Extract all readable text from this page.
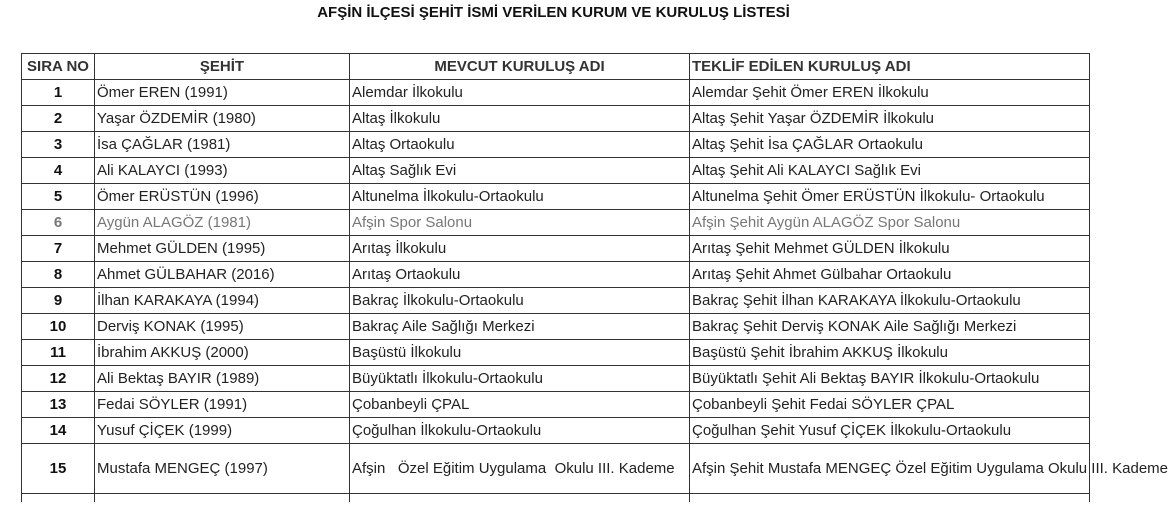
AFŞİN İLÇESİ ŞEHİT İSMİ VERİLEN KURUM VE KURULUŞ LİSTESİ
SIRA NO	ŞEHİT	MEVCUT KURULUŞ ADI	TEKLİF EDİLEN KURULUŞ ADI
1	Ömer EREN (1991)	Alemdar İlkokulu	Alemdar Şehit Ömer EREN İlkokulu
2	Yaşar ÖZDEMİR (1980)	Altaş İlkokulu	Altaş Şehit Yaşar ÖZDEMİR İlkokulu
3	İsa ÇAĞLAR (1981)	Altaş Ortaokulu	Altaş Şehit İsa ÇAĞLAR Ortaokulu
4	Ali KALAYCI (1993)	Altaş Sağlık Evi	Altaş Şehit Ali KALAYCI Sağlık Evi
5	Ömer ERÜSTÜN (1996)	Altunelma İlkokulu-Ortaokulu	Altunelma Şehit Ömer ERÜSTÜN İlkokulu- Ortaokulu
6	Aygün ALAGÖZ (1981)	Afşin Spor Salonu	Afşin Şehit Aygün ALAGÖZ Spor Salonu
7	Mehmet GÜLDEN (1995)	Arıtaş İlkokulu	Arıtaş Şehit Mehmet GÜLDEN İlkokulu
8	Ahmet GÜLBAHAR (2016)	Arıtaş Ortaokulu	Arıtaş Şehit Ahmet Gülbahar Ortaokulu
9	İlhan KARAKAYA (1994)	Bakraç İlkokulu-Ortaokulu	Bakraç Şehit İlhan KARAKAYA İlkokulu-Ortaokulu
10	Derviş KONAK (1995)	Bakraç Aile Sağlığı Merkezi	Bakraç Şehit Derviş KONAK Aile Sağlığı Merkezi
11	İbrahim AKKUŞ (2000)	Başüstü İlkokulu	Başüstü Şehit İbrahim AKKUŞ İlkokulu
12	Ali Bektaş BAYIR (1989)	Büyüktatlı İlkokulu-Ortaokulu	Büyüktatlı Şehit Ali Bektaş BAYIR İlkokulu-Ortaokulu
13	Fedai SÖYLER (1991)	Çobanbeyli ÇPAL	Çobanbeyli Şehit Fedai SÖYLER ÇPAL
14	Yusuf ÇİÇEK (1999)	Çoğulhan İlkokulu-Ortaokulu	Çoğulhan Şehit Yusuf ÇİÇEK İlkokulu-Ortaokulu
15	Mustafa MENGEÇ (1997)	Afşin   Özel Eğitim Uygulama  Okulu III. Kademe	Afşin Şehit Mustafa MENGEÇ Özel Eğitim Uygulama Okulu III. Kademe
